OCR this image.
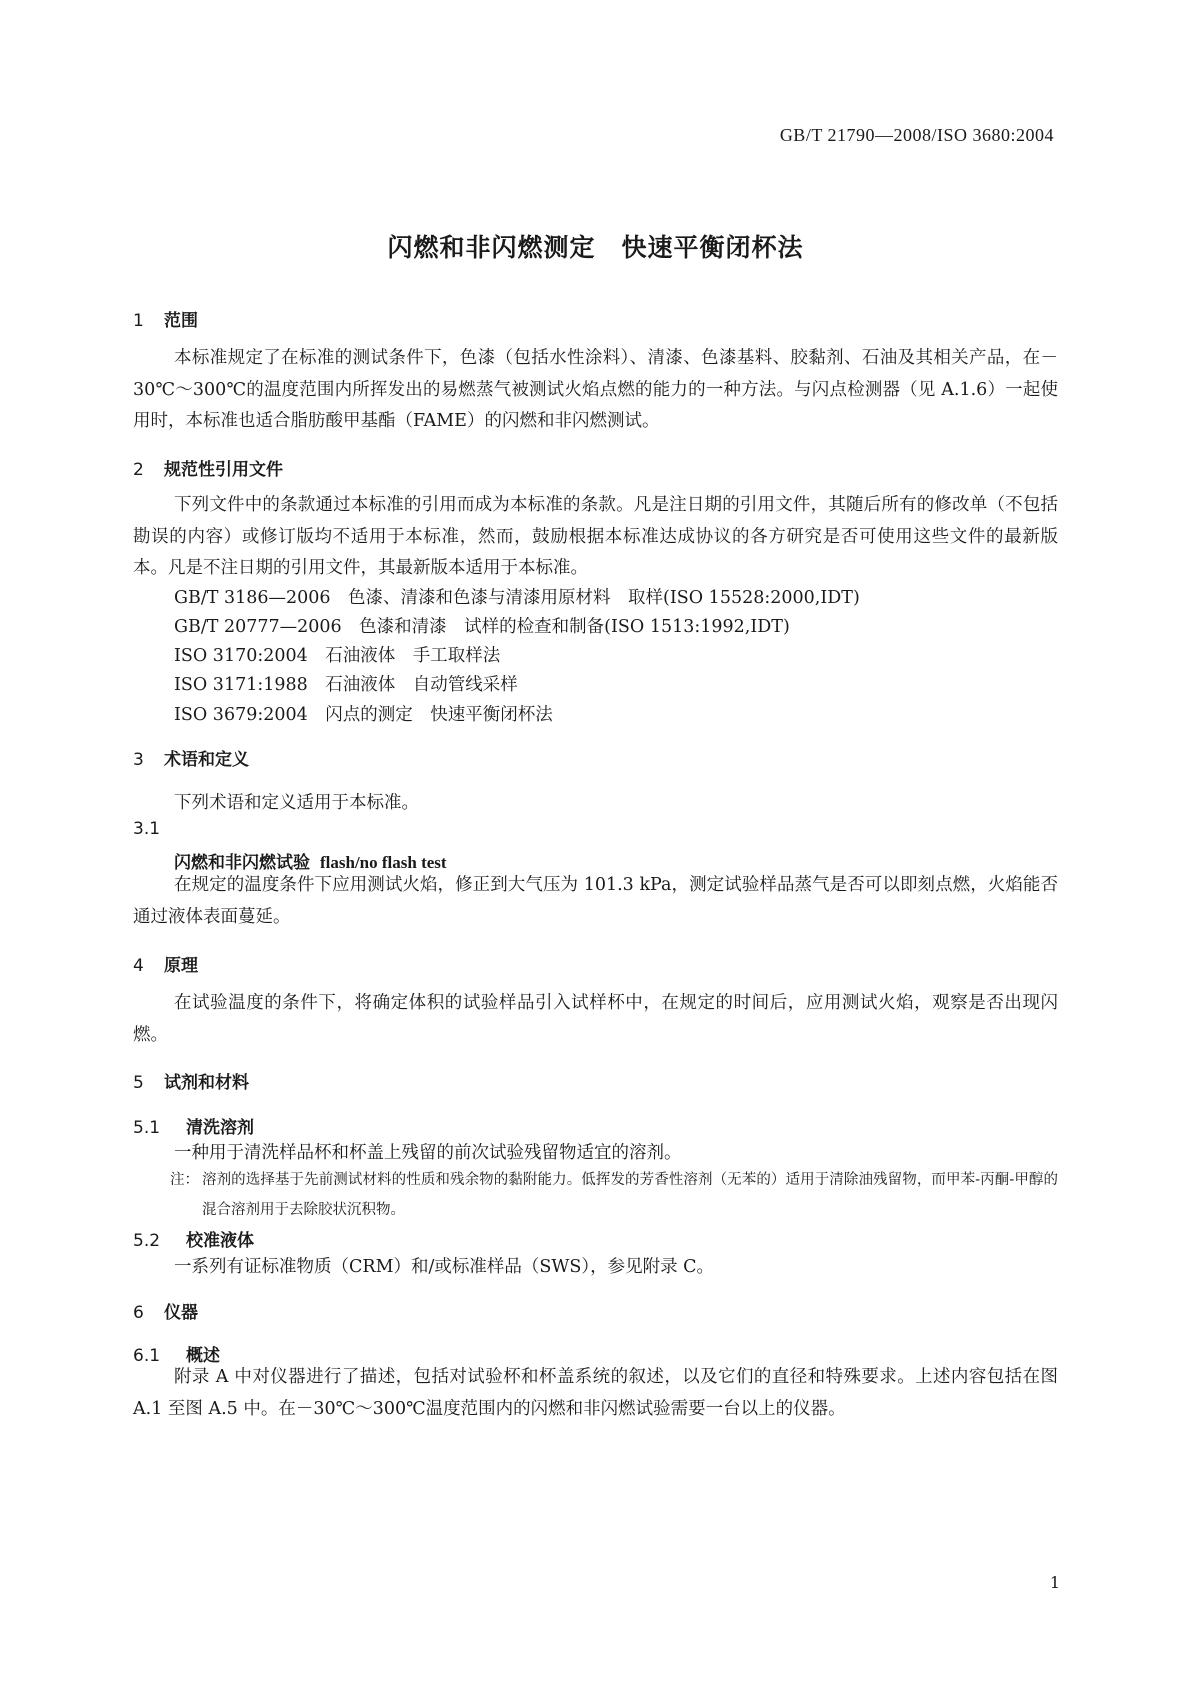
GB/T 21790—2008/ISO 3680:2004
闪燃和非闪燃测定　快速平衡闭杯法
1 范围
本标准规定了在标准的测试条件下，色漆（包括水性涂料）、清漆、色漆基料、胶黏剂、石油及其相关产品，在－30℃～300℃的温度范围内所挥发出的易燃蒸气被测试火焰点燃的能力的一种方法。与闪点检测器（见 A.1.6）一起使用时，本标准也适合脂肪酸甲基酯（FAME）的闪燃和非闪燃测试。
2 规范性引用文件
下列文件中的条款通过本标准的引用而成为本标准的条款。凡是注日期的引用文件，其随后所有的修改单（不包括勘误的内容）或修订版均不适用于本标准，然而，鼓励根据本标准达成协议的各方研究是否可使用这些文件的最新版本。凡是不注日期的引用文件，其最新版本适用于本标准。
GB/T 3186—2006　色漆、清漆和色漆与清漆用原材料　取样(ISO 15528:2000,IDT)
GB/T 20777—2006　色漆和清漆　试样的检查和制备(ISO 1513:1992,IDT)
ISO 3170:2004　石油液体　手工取样法
ISO 3171:1988　石油液体　自动管线采样
ISO 3679:2004　闪点的测定　快速平衡闭杯法
3 术语和定义
下列术语和定义适用于本标准。
3.1
闪燃和非闪燃试验 flash/no flash test
在规定的温度条件下应用测试火焰，修正到大气压为 101.3 kPa，测定试验样品蒸气是否可以即刻点燃，火焰能否通过液体表面蔓延。
4 原理
在试验温度的条件下，将确定体积的试验样品引入试样杯中，在规定的时间后，应用测试火焰，观察是否出现闪燃。
5 试剂和材料
5.1 清洗溶剂
一种用于清洗样品杯和杯盖上残留的前次试验残留物适宜的溶剂。
注： 溶剂的选择基于先前测试材料的性质和残余物的黏附能力。低挥发的芳香性溶剂（无苯的）适用于清除油残留物，而甲苯-丙酮-甲醇的混合溶剂用于去除胶状沉积物。
5.2 校准液体
一系列有证标准物质（CRM）和/或标准样品（SWS），参见附录 C。
6 仪器
6.1 概述
附录 A 中对仪器进行了描述，包括对试验杯和杯盖系统的叙述，以及它们的直径和特殊要求。上述内容包括在图 A.1 至图 A.5 中。在－30℃～300℃温度范围内的闪燃和非闪燃试验需要一台以上的仪器。
1
